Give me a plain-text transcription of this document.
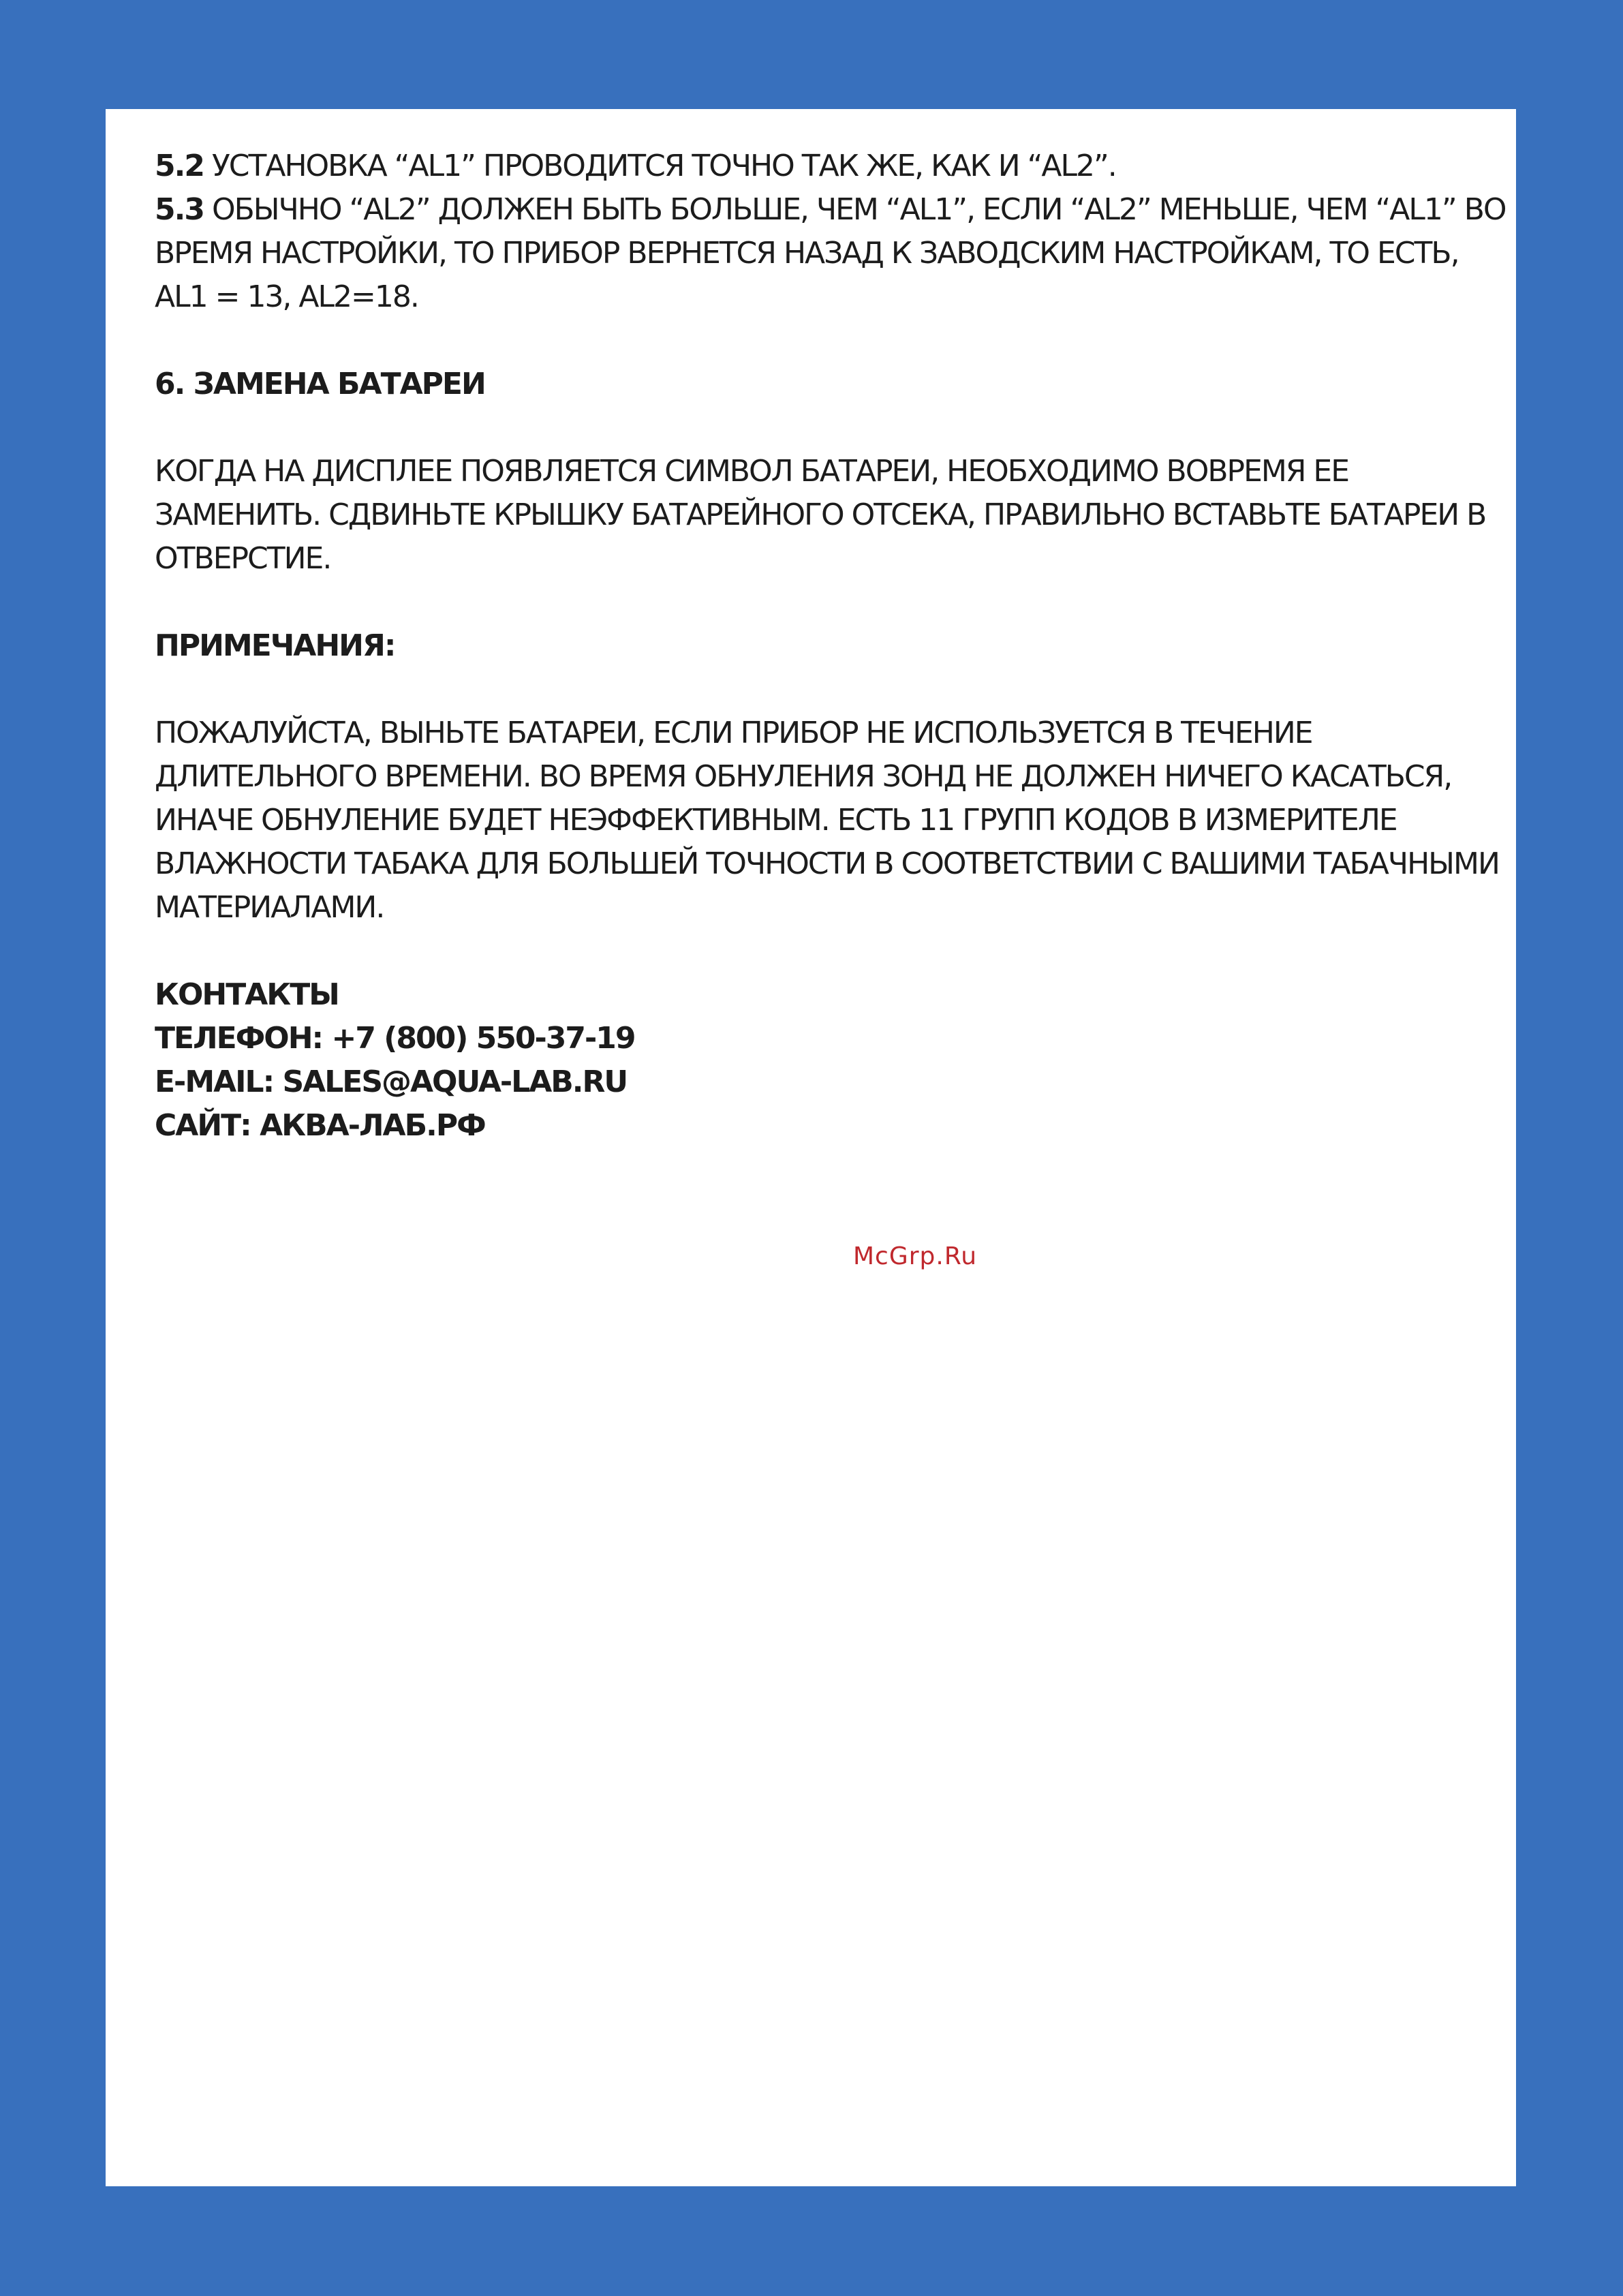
5.2 УСТАНОВКА “AL1” ПРОВОДИТСЯ ТОЧНО ТАК ЖЕ, КАК И “AL2”.

5.3 ОБЫЧНО “AL2” ДОЛЖЕН БЫТЬ БОЛЬШЕ, ЧЕМ “AL1”, ЕСЛИ “AL2” МЕНЬШЕ, ЧЕМ “AL1” ВО ВРЕМЯ НАСТРОЙКИ, ТО ПРИБОР ВЕРНЕТСЯ НАЗАД К ЗАВОДСКИМ НАСТРОЙКАМ, ТО ЕСТЬ, AL1 = 13, AL2=18.

6. ЗАМЕНА БАТАРЕИ

КОГДА НА ДИСПЛЕЕ ПОЯВЛЯЕТСЯ СИМВОЛ БАТАРЕИ, НЕОБХОДИМО ВОВРЕМЯ ЕЕ ЗАМЕНИТЬ. СДВИНЬТЕ КРЫШКУ БАТАРЕЙНОГО ОТСЕКА, ПРАВИЛЬНО ВСТАВЬТЕ БАТАРЕИ В ОТВЕРСТИЕ.

ПРИМЕЧАНИЯ:

ПОЖАЛУЙСТА, ВЫНЬТЕ БАТАРЕИ, ЕСЛИ ПРИБОР НЕ ИСПОЛЬЗУЕТСЯ В ТЕЧЕНИЕ ДЛИТЕЛЬНОГО ВРЕМЕНИ. ВО ВРЕМЯ ОБНУЛЕНИЯ ЗОНД НЕ ДОЛЖЕН НИЧЕГО КАСАТЬСЯ, ИНАЧЕ ОБНУЛЕНИЕ БУДЕТ НЕЭФФЕКТИВНЫМ. ЕСТЬ 11 ГРУПП КОДОВ В ИЗМЕРИТЕЛЕ ВЛАЖНОСТИ ТАБАКА ДЛЯ БОЛЬШЕЙ ТОЧНОСТИ В СООТВЕТСТВИИ С ВАШИМИ ТАБАЧНЫМИ МАТЕРИАЛАМИ.

КОНТАКТЫ

ТЕЛЕФОН: +7 (800) 550-37-19

E-MAIL: SALES@AQUA-LAB.RU

САЙТ: АКВА-ЛАБ.РФ

McGrp.Ru
